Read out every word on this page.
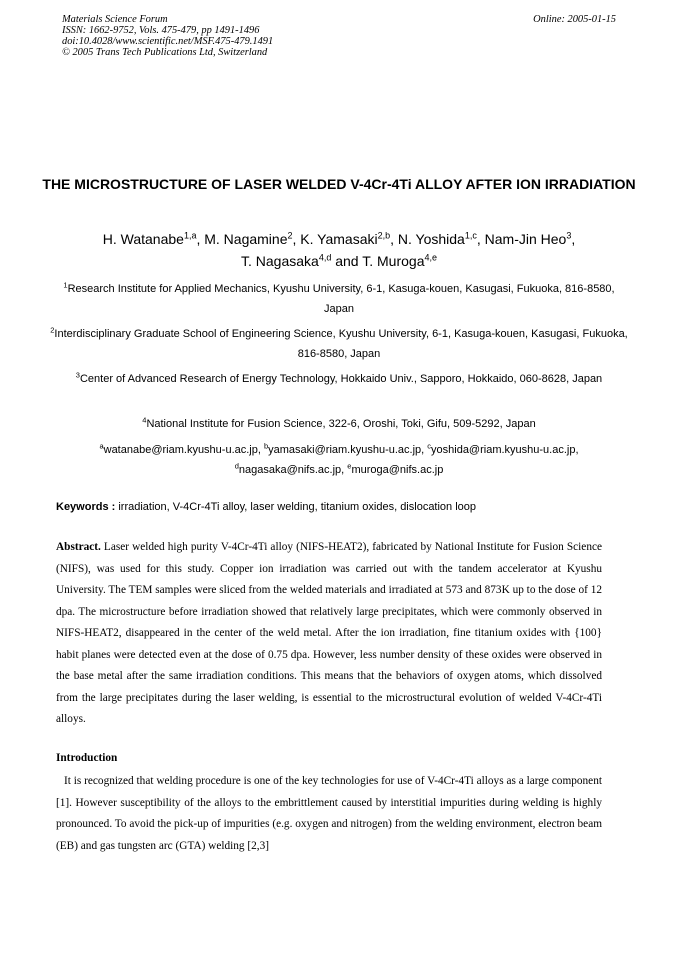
Materials Science Forum
ISSN: 1662-9752, Vols. 475-479, pp 1491-1496
doi:10.4028/www.scientific.net/MSF.475-479.1491
© 2005 Trans Tech Publications Ltd, Switzerland
Online: 2005-01-15
THE MICROSTRUCTURE OF LASER WELDED V-4Cr-4Ti ALLOY AFTER ION IRRADIATION
H. Watanabe$^{1,a}$, M. Nagamine$^2$, K. Yamasaki$^{2,b}$, N. Yoshida$^{1,c}$, Nam-Jin Heo$^3$,
T. Nagasaka$^{4,d}$ and T. Muroga$^{4,e}$
$^1$Research Institute for Applied Mechanics, Kyushu University, 6-1, Kasuga-kouen, Kasugasi, Fukuoka, 816-8580, Japan
$^2$Interdisciplinary Graduate School of Engineering Science, Kyushu University, 6-1, Kasuga-kouen, Kasugasi, Fukuoka, 816-8580, Japan
$^3$Center of Advanced Research of Energy Technology, Hokkaido Univ., Sapporo, Hokkaido, 060-8628, Japan
$^4$National Institute for Fusion Science, 322-6, Oroshi, Toki, Gifu, 509-5292, Japan
$^a$watanabe@riam.kyushu-u.ac.jp, $^b$yamasaki@riam.kyushu-u.ac.jp, $^c$yoshida@riam.kyushu-u.ac.jp,
$^d$nagasaka@nifs.ac.jp, $^e$muroga@nifs.ac.jp
Keywords : irradiation, V-4Cr-4Ti alloy, laser welding, titanium oxides, dislocation loop
Abstract. Laser welded high purity V-4Cr-4Ti alloy (NIFS-HEAT2), fabricated by National Institute for Fusion Science (NIFS), was used for this study. Copper ion irradiation was carried out with the tandem accelerator at Kyushu University. The TEM samples were sliced from the welded materials and irradiated at 573 and 873K up to the dose of 12 dpa. The microstructure before irradiation showed that relatively large precipitates, which were commonly observed in NIFS-HEAT2, disappeared in the center of the weld metal. After the ion irradiation, fine titanium oxides with {100} habit planes were detected even at the dose of 0.75 dpa. However, less number density of these oxides were observed in the base metal after the same irradiation conditions. This means that the behaviors of oxygen atoms, which dissolved from the large precipitates during the laser welding, is essential to the microstructural evolution of welded V-4Cr-4Ti alloys.
Introduction
It is recognized that welding procedure is one of the key technologies for use of V-4Cr-4Ti alloys as a large component [1]. However susceptibility of the alloys to the embrittlement caused by interstitial impurities during welding is highly pronounced. To avoid the pick-up of impurities (e.g. oxygen and nitrogen) from the welding environment, electron beam (EB) and gas tungsten arc (GTA) welding [2,3]
